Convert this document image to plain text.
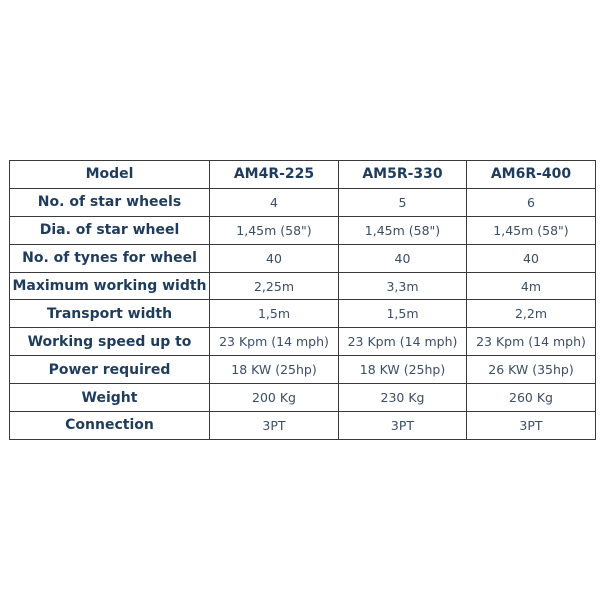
Model	AM4R-225	AM5R-330	AM6R-400
No. of star wheels	4	5	6
Dia. of star wheel	1,45m (58")	1,45m (58")	1,45m (58")
No. of tynes for wheel	40	40	40
Maximum working width	2,25m	3,3m	4m
Transport width	1,5m	1,5m	2,2m
Working speed up to	23 Kpm (14 mph)	23 Kpm (14 mph)	23 Kpm (14 mph)
Power required	18 KW (25hp)	18 KW (25hp)	26 KW (35hp)
Weight	200 Kg	230 Kg	260 Kg
Connection	3PT	3PT	3PT
